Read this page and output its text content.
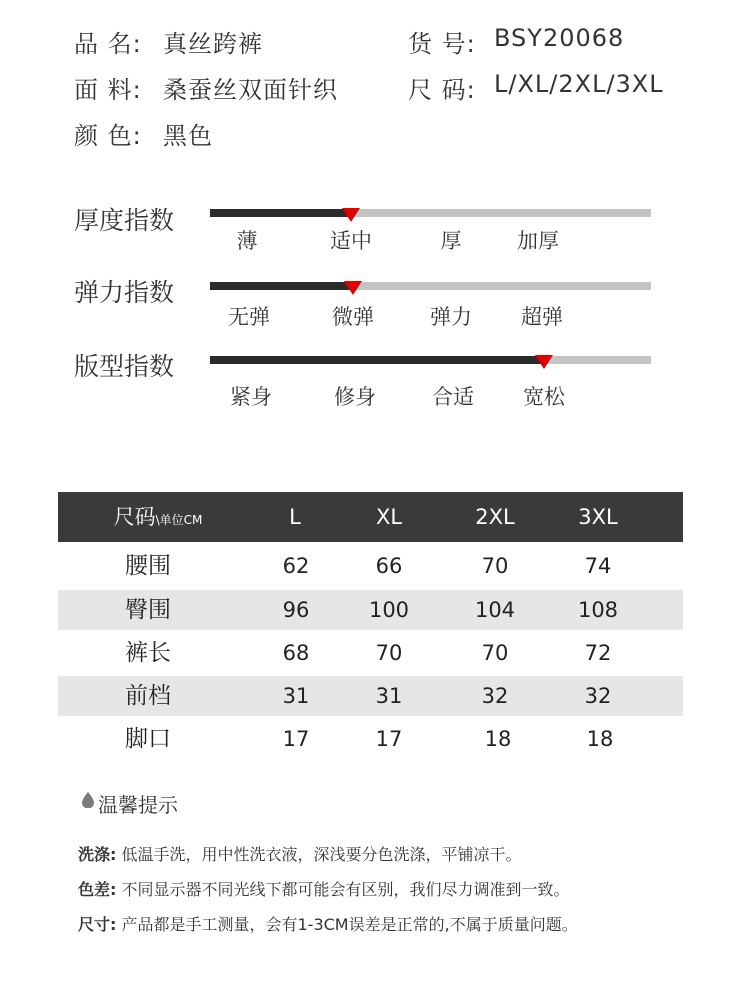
品 名: 真丝跨裤	货 号: BSY20068
面 料: 桑蚕丝双面针织	尺 码: L/XL/2XL/3XL
颜 色: 黑色
厚度指数
薄	适中	厚	加厚
弹力指数
无弹	微弹	弹力 超弹
版型指数
紧身	修身	合适 宽松
尺码\单位CM	L	XL	2XL	3XL
腰围	62	66	70	74
臀围	96	100	104	108
裤长	68	70	70	72
前档	31	31	32	32
脚口	17	17	18	18
温馨提示
洗涤: 低温手洗，用中性洗衣液，深浅要分色洗涤，平铺凉干。
色差: 不同显示器不同光线下都可能会有区别，我们尽力调准到一致。
尺寸: 产品都是手工测量，会有1-3CM误差是正常的,不属于质量问题。
